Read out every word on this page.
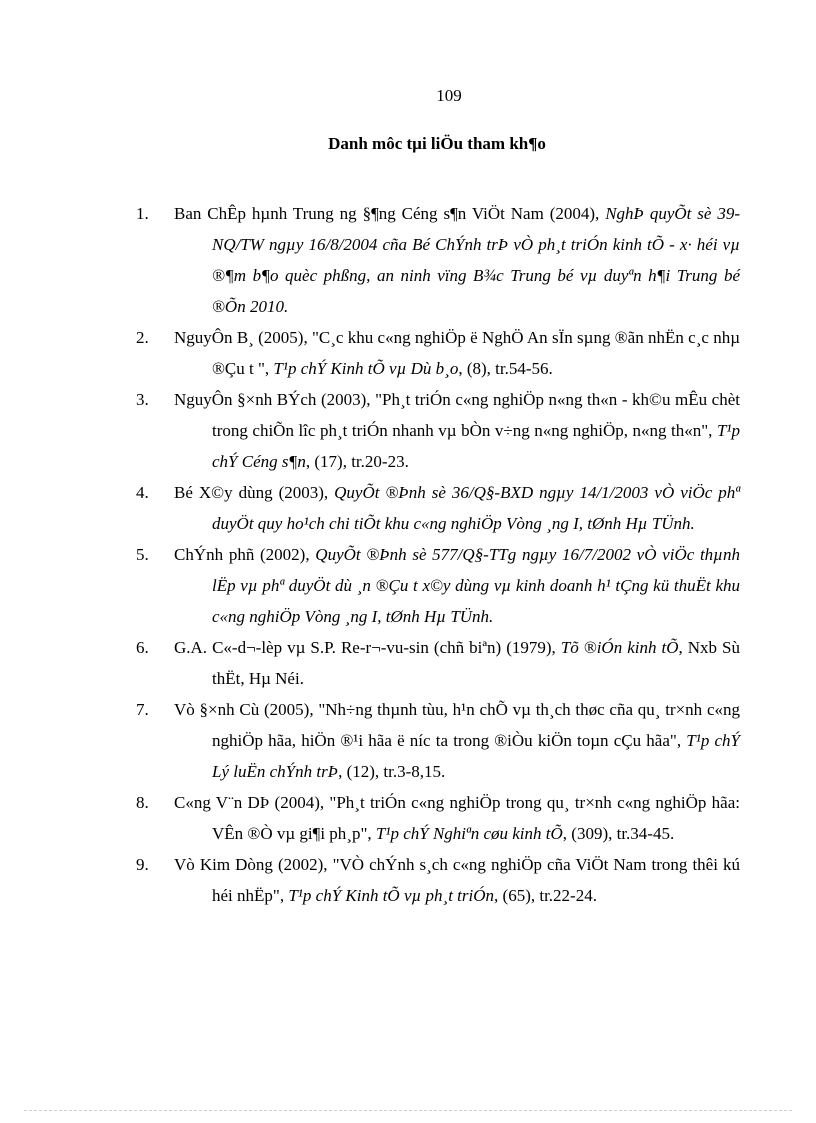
109
Danh môc tµi liÖu tham kh¶o
1.	Ban ChÊp hµnh Trung ng §¶ng Céng s¶n ViÖt Nam (2004), NghÞ quyÕt sè 39-NQ/TW ngµy 16/8/2004 cña Bé ChÝnh trÞ vÒ ph¸t triÓn kinh tÕ - x· héi vµ ®¶m b¶o quèc phßng, an ninh vïng B¾c Trung bé vµ duyªn h¶i Trung bé ®Õn 2010.
2.	NguyÔn B¸ (2005), "C¸c khu c«ng nghiÖp ë NghÖ An sÏn sµng ®ãn nhËn c¸c nhµ ®Çu t ", T¹p chÝ Kinh tÕ vµ Dù b¸o, (8), tr.54-56.
3.	NguyÔn §×nh BÝch (2003), "Ph¸t triÓn c«ng nghiÖp n«ng th«n - kh©u mÊu chèt trong chiÕn lîc ph¸t triÓn nhanh vµ bÒn v÷ng n«ng nghiÖp, n«ng th«n", T¹p chÝ Céng s¶n, (17), tr.20-23.
4.	Bé X©y dùng (2003), QuyÕt ®Þnh sè 36/Q§-BXD ngµy 14/1/2003 vÒ viÖc phª duyÖt quy ho¹ch chi tiÕt khu c«ng nghiÖp Vòng ¸ng I, tØnh Hµ TÜnh.
5.	ChÝnh phñ (2002), QuyÕt ®Þnh sè 577/Q§-TTg ngµy 16/7/2002 vÒ viÖc thµnh lËp vµ phª duyÖt dù ¸n ®Çu t x©y dùng vµ kinh doanh h¹ tÇng kü thuËt khu c«ng nghiÖp Vòng ¸ng I, tØnh Hµ TÜnh.
6.	G.A. C«-d¬-lèp vµ S.P. Re-r¬-vu-sin (chñ biªn) (1979), Tõ ®iÓn kinh tÕ, Nxb Sù thËt, Hµ Néi.
7.	Vò §×nh Cù (2005), "Nh÷ng thµnh tùu, h¹n chÕ vµ th¸ch thøc cña qu¸ tr×nh c«ng nghiÖp hãa, hiÖn ®¹i hãa ë níc ta trong ®iÒu kiÖn toµn cÇu hãa", T¹p chÝ Lý luËn chÝnh trÞ, (12), tr.3-8,15.
8.	C«ng V¨n DÞ (2004), "Ph¸t triÓn c«ng nghiÖp trong qu¸ tr×nh c«ng nghiÖp hãa: VÊn ®Ò vµ gi¶i ph¸p", T¹p chÝ Nghiªn cøu kinh tÕ, (309), tr.34-45.
9.	Vò Kim Dòng (2002), "VÒ chÝnh s¸ch c«ng nghiÖp cña ViÖt Nam trong thêi kú héi nhËp", T¹p chÝ Kinh tÕ vµ ph¸t triÓn, (65), tr.22-24.
